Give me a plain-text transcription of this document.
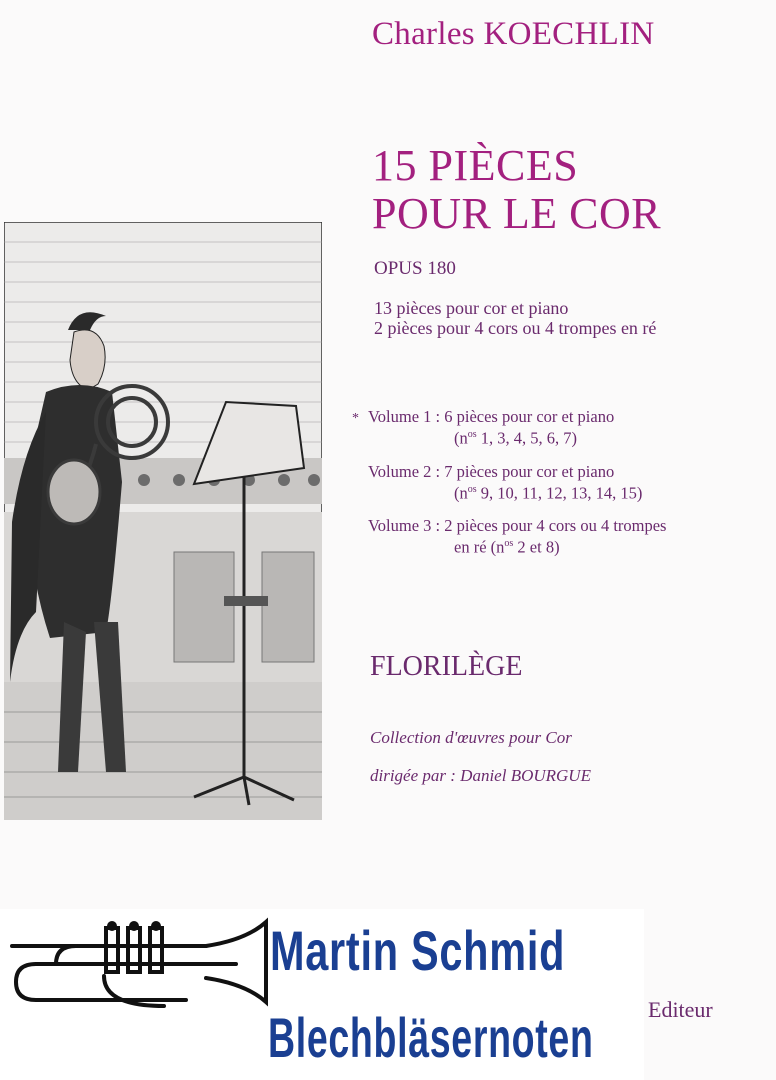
Charles KOECHLIN
15 PIÈCES
POUR LE COR
OPUS 180
13 pièces pour cor et piano
2 pièces pour 4 cors ou 4 trompes en ré
* Volume 1 : 6 pièces pour cor et piano
($n^{os}$ 1, 3, 4, 5, 6, 7)
Volume 2 : 7 pièces pour cor et piano
($n^{os}$ 9, 10, 11, 12, 13, 14, 15)
Volume 3 : 2 pièces pour 4 cors ou 4 trompes
en ré ($n^{os}$ 2 et 8)
FLORILÈGE
Collection d'œuvres pour Cor
dirigée par : Daniel BOURGUE
Martin Schmid
Blechbläsernoten Editeur
